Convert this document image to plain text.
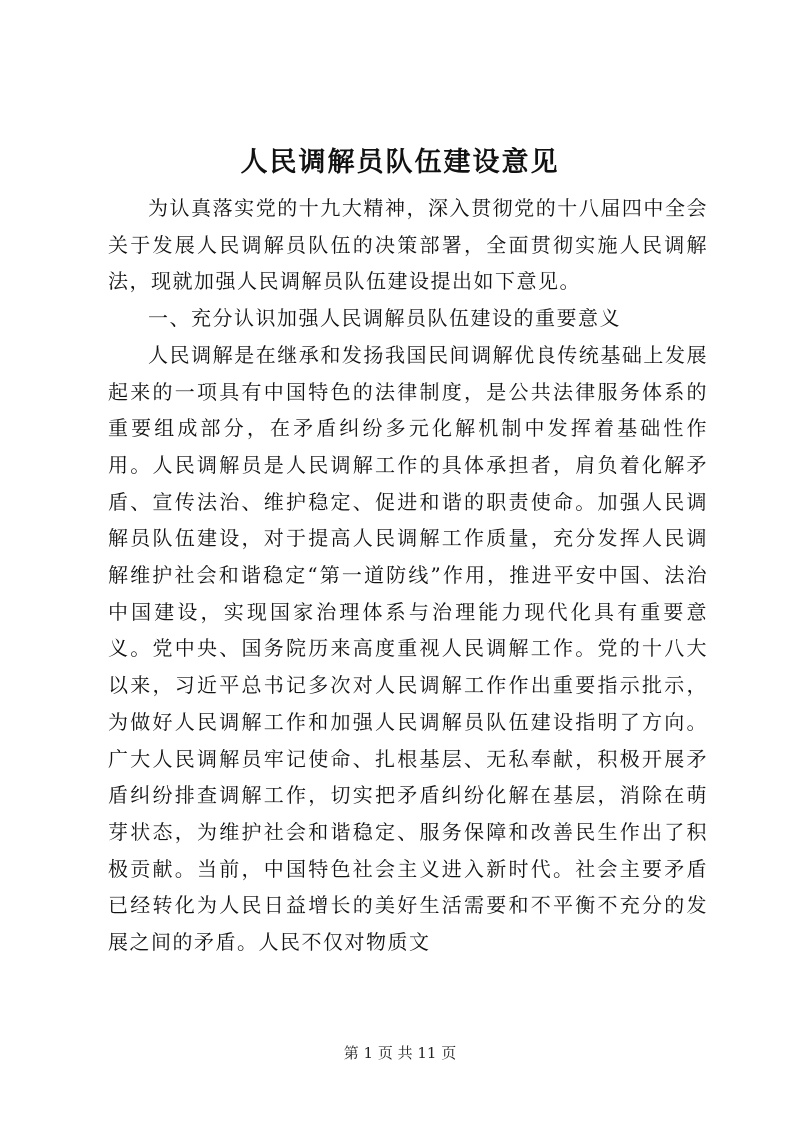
人民调解员队伍建设意见

为认真落实党的十九大精神，深入贯彻党的十八届四中全会关于发展人民调解员队伍的决策部署，全面贯彻实施人民调解法，现就加强人民调解员队伍建设提出如下意见。

一、充分认识加强人民调解员队伍建设的重要意义

人民调解是在继承和发扬我国民间调解优良传统基础上发展起来的一项具有中国特色的法律制度，是公共法律服务体系的重要组成部分，在矛盾纠纷多元化解机制中发挥着基础性作用。人民调解员是人民调解工作的具体承担者，肩负着化解矛盾、宣传法治、维护稳定、促进和谐的职责使命。加强人民调解员队伍建设，对于提高人民调解工作质量，充分发挥人民调解维护社会和谐稳定“第一道防线”作用，推进平安中国、法治中国建设，实现国家治理体系与治理能力现代化具有重要意义。党中央、国务院历来高度重视人民调解工作。党的十八大以来，习近平总书记多次对人民调解工作作出重要指示批示，为做好人民调解工作和加强人民调解员队伍建设指明了方向。广大人民调解员牢记使命、扎根基层、无私奉献，积极开展矛盾纠纷排查调解工作，切实把矛盾纠纷化解在基层，消除在萌芽状态，为维护社会和谐稳定、服务保障和改善民生作出了积极贡献。当前，中国特色社会主义进入新时代。社会主要矛盾已经转化为人民日益增长的美好生活需要和不平衡不充分的发展之间的矛盾。人民不仅对物质文

第 1 页 共 11 页
